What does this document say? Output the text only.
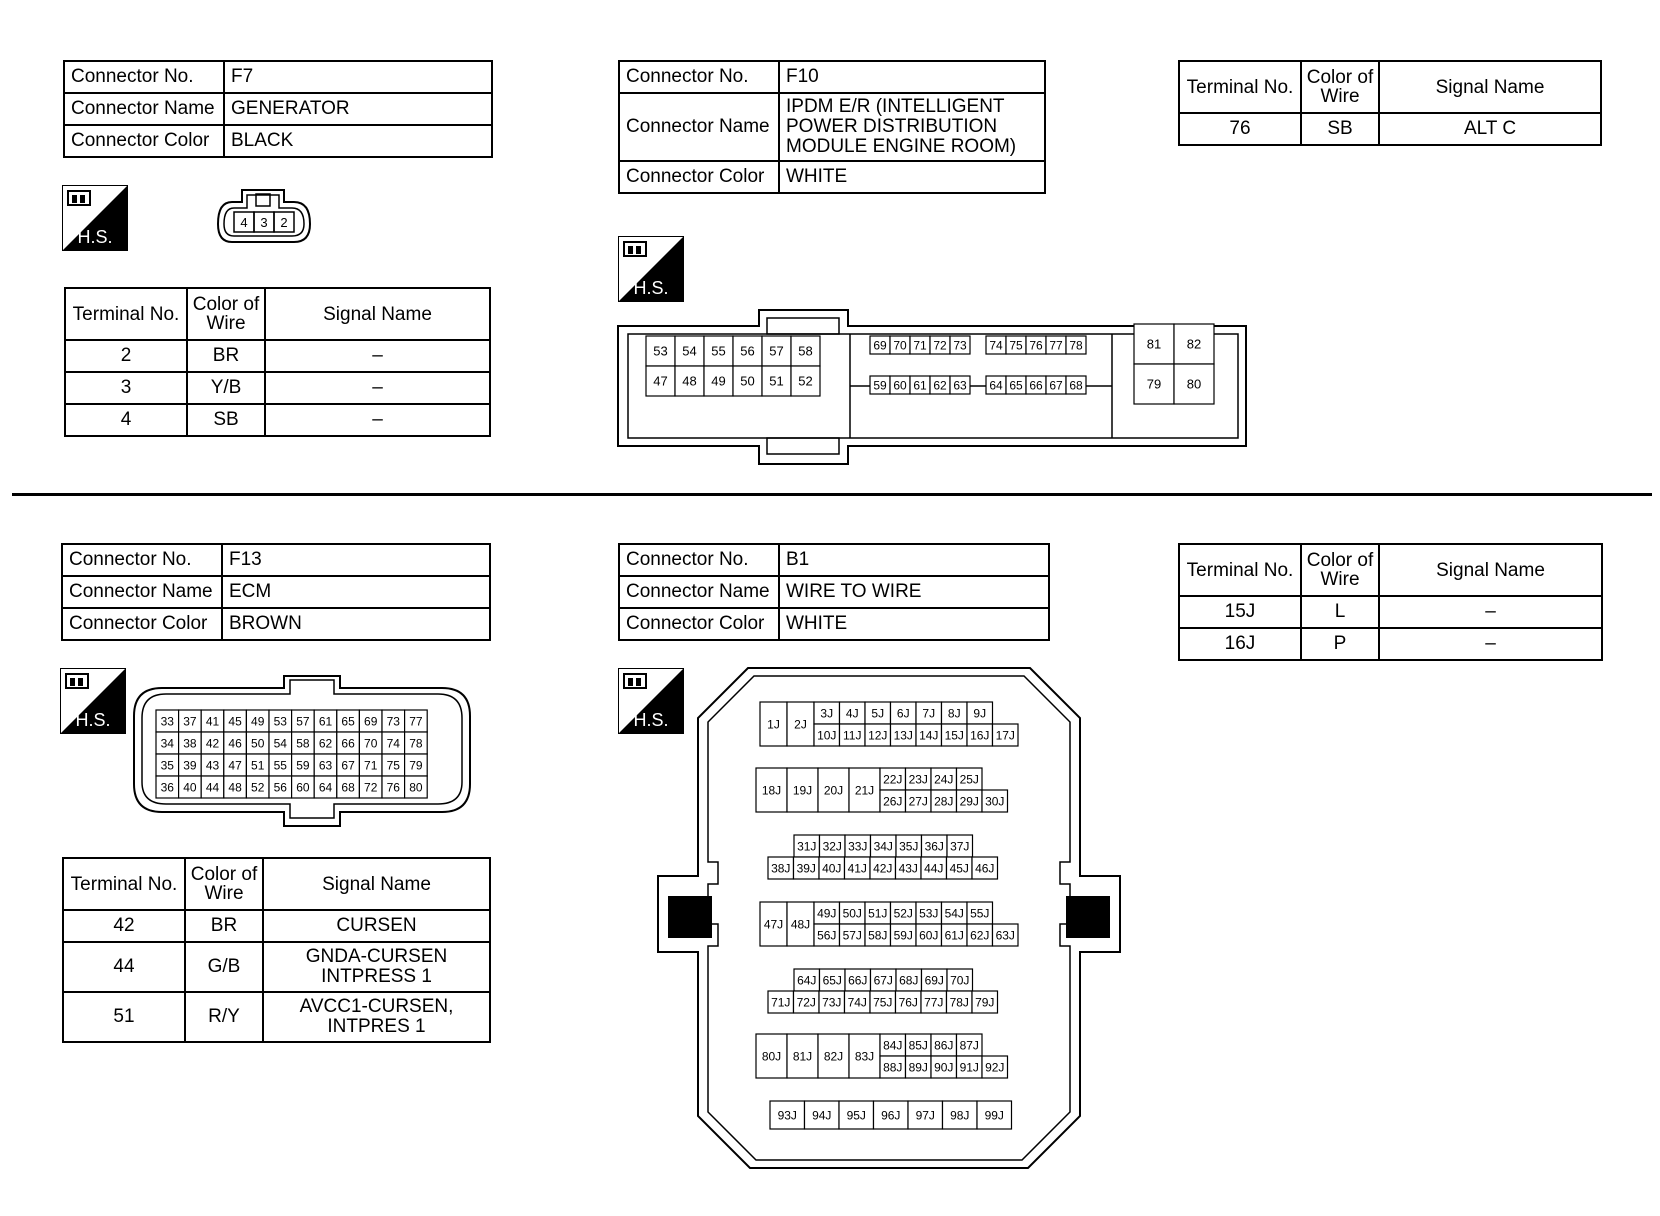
Connector No.	F7
Connector Name	GENERATOR
Connector Color	BLACK
H.S.
4 3 2
Terminal No.	Color of Wire	Signal Name
2	BR	–
3	Y/B	–
4	SB	–
Connector No.	F10
Connector Name	IPDM E/R (INTELLIGENT
POWER DISTRIBUTION
MODULE ENGINE ROOM)

Connector Color	WHITE
H.S.
53 54 55 56 57 58
47 48 49 50 51 52
69 70 71 72 73 74 75 76 77 78
59 60 61 62 63 64 65 66 67 68
81 82
79 80
Terminal No.	Color of Wire	Signal Name
76	SB	ALT C
Connector No.	F13
Connector Name	ECM
Connector Color	BROWN
H.S.	33 37 41 45 49 53 57 61 65 69 73 77
34 38 42 46 50 54 58 62 66 70 74 78
35 39 43 47 51 55 59 63 67 71 75 79
36 40 44 48 52 56 60 64 68 72 76 80
Terminal No.	Color of Wire	Signal Name
42	BR	CURSEN
44	G/B	GNDA-CURSEN
INTPRESS 1

51	R/Y	AVCC1-CURSEN,
INTPRES 1
Connector No.	B1
Connector Name	WIRE TO WIRE
Connector Color	WHITE
H.S.	1J 2J
3J 4J 5J 6J 7J 8J 9J
10J 11J 12J 13J 14J 15J 16J 17J
18J 19J 20J 21J
22J 23J 24J 25J
26J 27J 28J 29J 30J
31J 32J 33J 34J 35J 36J 37J
38J 39J 40J 41J 42J 43J 44J 45J 46J
47J 48J
49J 50J 51J 52J 53J 54J 55J
56J 57J 58J 59J 60J 61J 62J 63J
64J 65J 66J 67J 68J 69J 70J
71J 72J 73J 74J 75J 76J 77J 78J 79J
80J 81J 82J 83J
84J 85J 86J 87J
88J 89J 90J 91J 92J
93J 94J 95J 96J 97J 98J 99J
Terminal No.	Color of Wire	Signal Name
15J	L	–
16J	P	–
